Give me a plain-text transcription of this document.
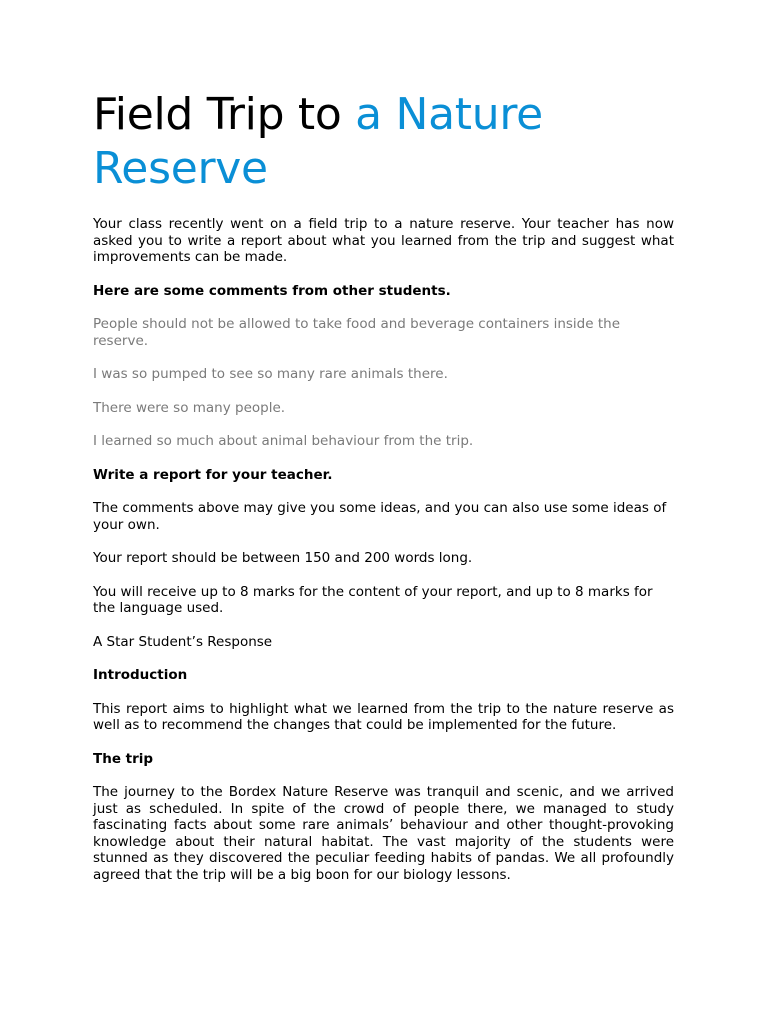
Field Trip to a Nature Reserve

Your class recently went on a field trip to a nature reserve. Your teacher has now asked you to write a report about what you learned from the trip and suggest what improvements can be made.

Here are some comments from other students.

People should not be allowed to take food and beverage containers inside the reserve.

I was so pumped to see so many rare animals there.

There were so many people.

I learned so much about animal behaviour from the trip.

Write a report for your teacher.

The comments above may give you some ideas, and you can also use some ideas of your own.

Your report should be between 150 and 200 words long.

You will receive up to 8 marks for the content of your report, and up to 8 marks for the language used.

A Star Student’s Response

Introduction

This report aims to highlight what we learned from the trip to the nature reserve as well as to recommend the changes that could be implemented for the future.

The trip

The journey to the Bordex Nature Reserve was tranquil and scenic, and we arrived just as scheduled. In spite of the crowd of people there, we managed to study fascinating facts about some rare animals’ behaviour and other thought-provoking knowledge about their natural habitat. The vast majority of the students were stunned as they discovered the peculiar feeding habits of pandas. We all profoundly agreed that the trip will be a big boon for our biology lessons.
